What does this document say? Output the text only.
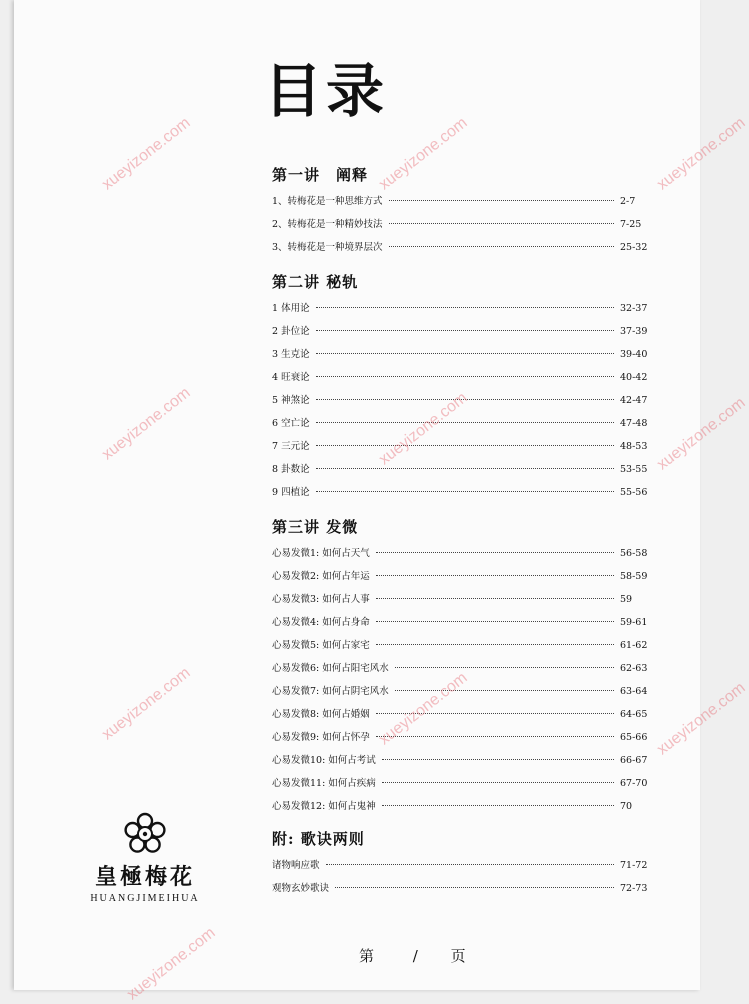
目录
第一讲　阐释
1、转梅花是一种思维方式	2-7
2、转梅花是一种精妙技法	7-25
3、转梅花是一种境界层次	25-32
第二讲 秘轨
1 体用论	32-37
2 卦位论	37-39
3 生克论	39-40
4 旺衰论	40-42
5 神煞论	42-47
6 空亡论	47-48
7 三元论	48-53
8 卦数论	53-55
9 四植论	55-56
第三讲 发微
心易发微1: 如何占天气	56-58
心易发微2: 如何占年运	58-59
心易发微3: 如何占人事	59
心易发微4: 如何占身命	59-61
心易发微5: 如何占家宅	61-62
心易发微6: 如何占阳宅风水	62-63
心易发微7: 如何占阴宅风水	63-64
心易发微8: 如何占婚姻	64-65
心易发微9: 如何占怀孕	65-66
心易发微10: 如何占考试	66-67
心易发微11: 如何占疾病	67-70
心易发微12: 如何占鬼神	70
附: 歌诀两则
诸物响应歌	71-72
观物玄妙歌诀	72-73
皇極梅花
HUANGJIMEIHUA
第	/ 页
xueyizone.com	xueyizone.com	xueyizone.com
xueyizone.com	xueyizone.com	xueyizone.com
xueyizone.com	xueyizone.com	xueyizone.com
xueyizone.com
